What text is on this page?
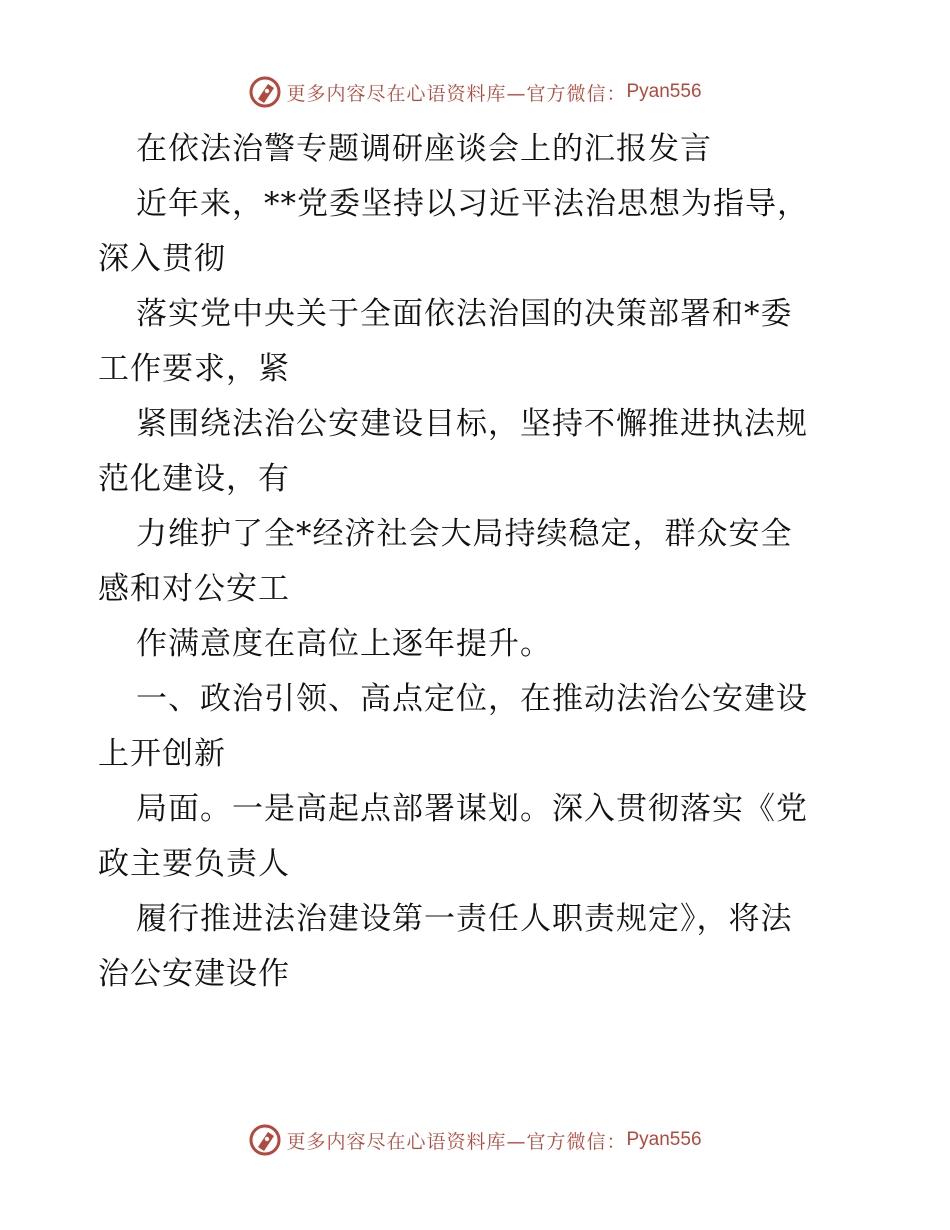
更多内容尽在心语资料库—官方微信： Pyan556
在依法治警专题调研座谈会上的汇报发言
近年来，**党委坚持以习近平法治思想为指导，
深入贯彻
落实党中央关于全面依法治国的决策部署和*委
工作要求，紧
紧围绕法治公安建设目标，坚持不懈推进执法规
范化建设，有
力维护了全*经济社会大局持续稳定，群众安全
感和对公安工
作满意度在高位上逐年提升。
一、政治引领、高点定位，在推动法治公安建设
上开创新
局面。一是高起点部署谋划。深入贯彻落实《党
政主要负责人
履行推进法治建设第一责任人职责规定》，将法
治公安建设作
更多内容尽在心语资料库—官方微信： Pyan556
